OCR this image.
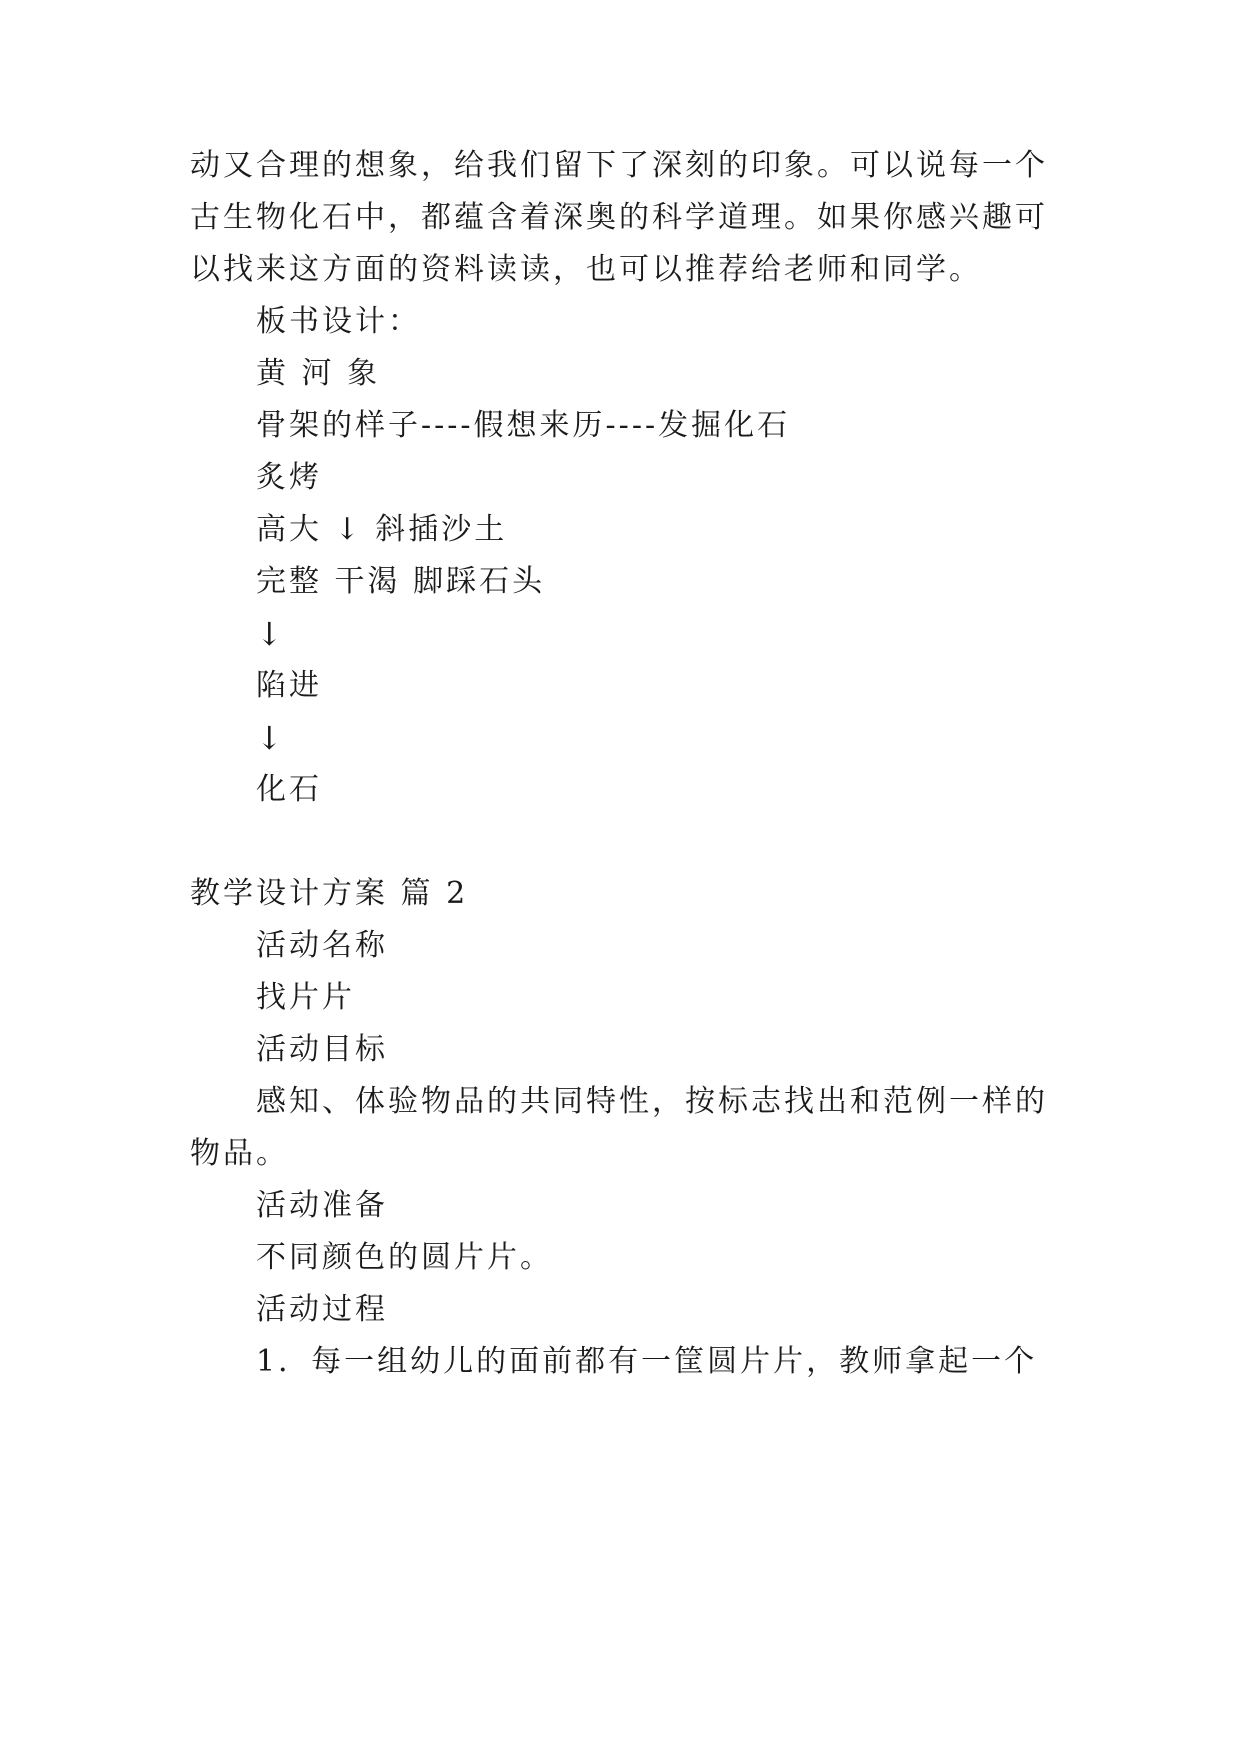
动又合理的想象，给我们留下了深刻的印象。可以说每一个
古生物化石中，都蕴含着深奥的科学道理。如果你感兴趣可
以找来这方面的资料读读，也可以推荐给老师和同学。
板书设计：
黄 河 象
骨架的样子----假想来历----发掘化石
炙烤
高大 ↓ 斜插沙土
完整 干渴 脚踩石头
↓
陷进
↓
化石
教学设计方案 篇 2
活动名称
找片片
活动目标
感知、体验物品的共同特性，按标志找出和范例一样的
物品。
活动准备
不同颜色的圆片片。
活动过程
1．每一组幼儿的面前都有一筐圆片片，教师拿起一个
